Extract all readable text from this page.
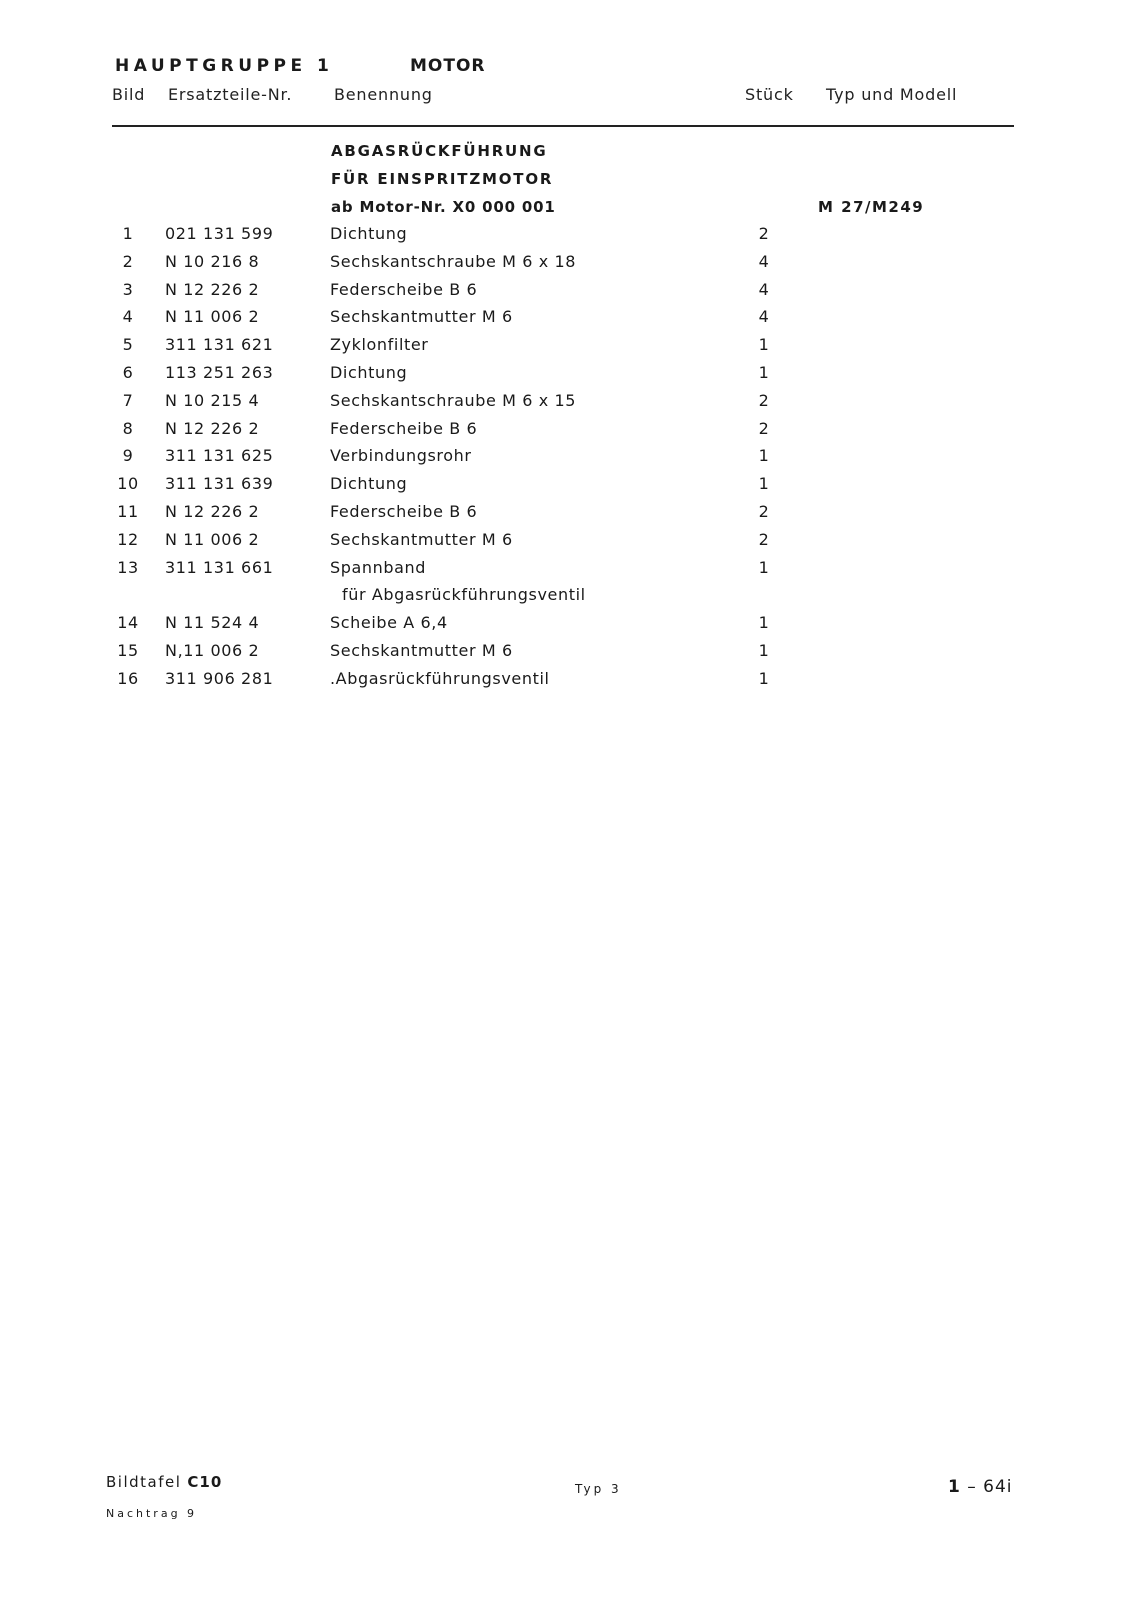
HAUPTGRUPPE 1	MOTOR
Bild Ersatzteile-Nr.	Benennung	Stück Typ und Modell
ABGASRÜCKFÜHRUNG
FÜR EINSPRITZMOTOR
ab Motor-Nr. X0 000 001	M 27/M249
1	021 131 599	Dichtung	2
2	N 10 216 8	Sechskantschraube M 6 x 18	4
3	N 12 226 2	Federscheibe B 6	4
4	N 11 006 2	Sechskantmutter M 6	4
5	311 131 621	Zyklonfilter	1
6	113 251 263	Dichtung	1
7	N 10 215 4	Sechskantschraube M 6 x 15	2
8	N 12 226 2	Federscheibe B 6	2
9	311 131 625	Verbindungsrohr	1
10	311 131 639	Dichtung	1
11	N 12 226 2	Federscheibe B 6	2
12	N 11 006 2	Sechskantmutter M 6	2
13	311 131 661	Spannband	1
für Abgasrückführungsventil
14	N 11 524 4	Scheibe A 6,4	1
15	N,11 006 2	Sechskantmutter M 6	1
16	311 906 281	.Abgasrückführungsventil	1
Bildtafel C10
Nachtrag 9
Typ 3	1 – 64i
